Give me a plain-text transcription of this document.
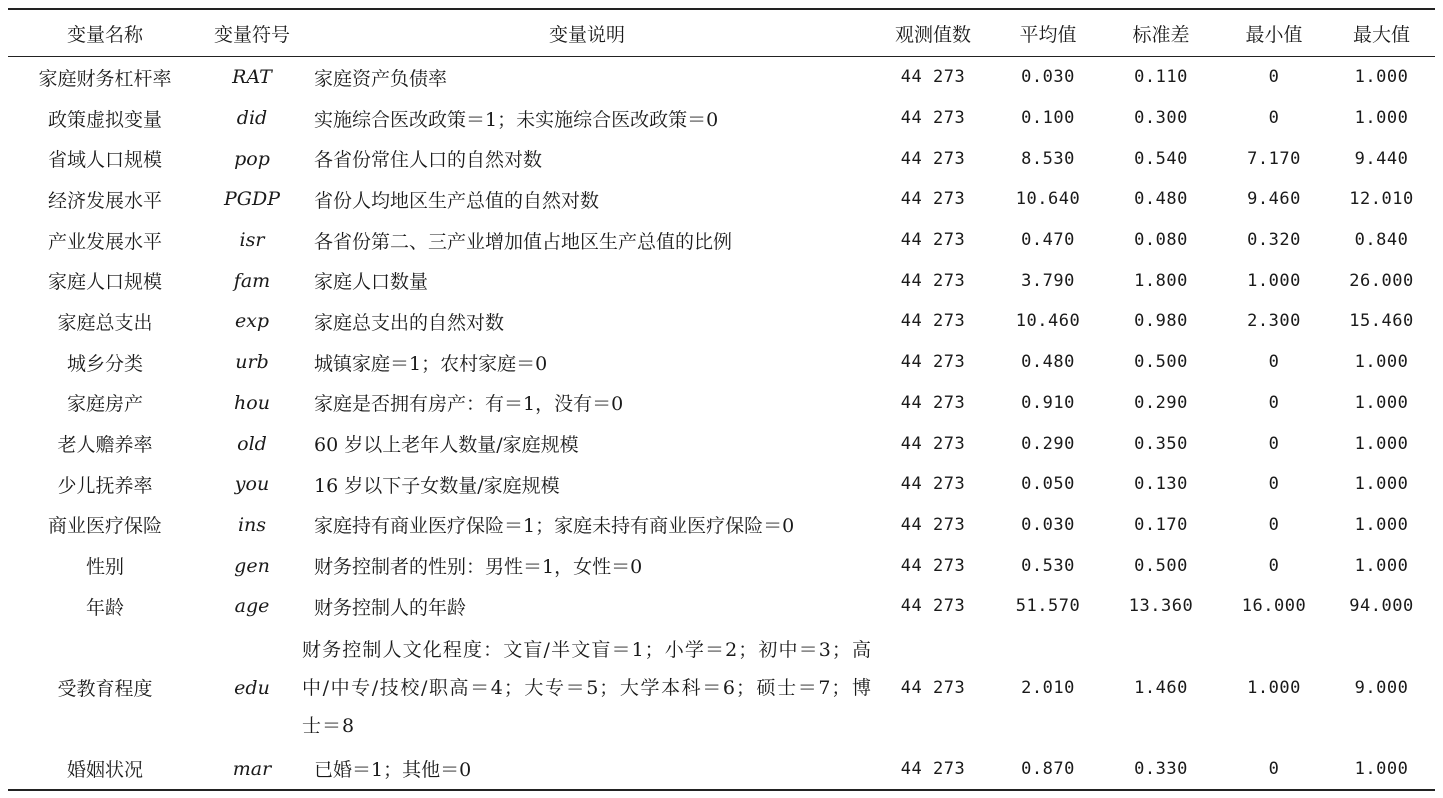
变量名称	变量符号	变量说明	观测值数	平均值	标准差	最小值	最大值
家庭财务杠杆率	RAT	家庭资产负债率	44 273	0.030	0.110	0	1.000
政策虚拟变量	did	实施综合医改政策＝1；未实施综合医改政策＝0	44 273	0.100	0.300	0	1.000
省域人口规模	pop	各省份常住人口的自然对数	44 273	8.530	0.540	7.170	9.440
经济发展水平	PGDP	省份人均地区生产总值的自然对数	44 273	10.640	0.480	9.460	12.010
产业发展水平	isr	各省份第二、三产业增加值占地区生产总值的比例	44 273	0.470	0.080	0.320	0.840
家庭人口规模	fam	家庭人口数量	44 273	3.790	1.800	1.000	26.000
家庭总支出	exp	家庭总支出的自然对数	44 273	10.460	0.980	2.300	15.460
城乡分类	urb	城镇家庭＝1；农村家庭＝0	44 273	0.480	0.500	0	1.000
家庭房产	hou	家庭是否拥有房产：有＝1，没有＝0	44 273	0.910	0.290	0	1.000
老人赡养率	old	60 岁以上老年人数量/家庭规模	44 273	0.290	0.350	0	1.000
少儿抚养率	you	16 岁以下子女数量/家庭规模	44 273	0.050	0.130	0	1.000
商业医疗保险	ins	家庭持有商业医疗保险＝1；家庭未持有商业医疗保险＝0	44 273	0.030	0.170	0	1.000
性别	gen	财务控制者的性别：男性＝1，女性＝0	44 273	0.530	0.500	0	1.000
年龄	age	财务控制人的年龄	44 273	51.570	13.360	16.000	94.000
受教育程度	edu	财务控制人文化程度：文盲/半文盲＝1；小学＝2；初中＝3；高中/中专/技校/职高＝4；大专＝5；大学本科＝6；硕士＝7；博士＝8	44 273	2.010	1.460	1.000	9.000
婚姻状况	mar	已婚＝1；其他＝0	44 273	0.870	0.330	0	1.000
